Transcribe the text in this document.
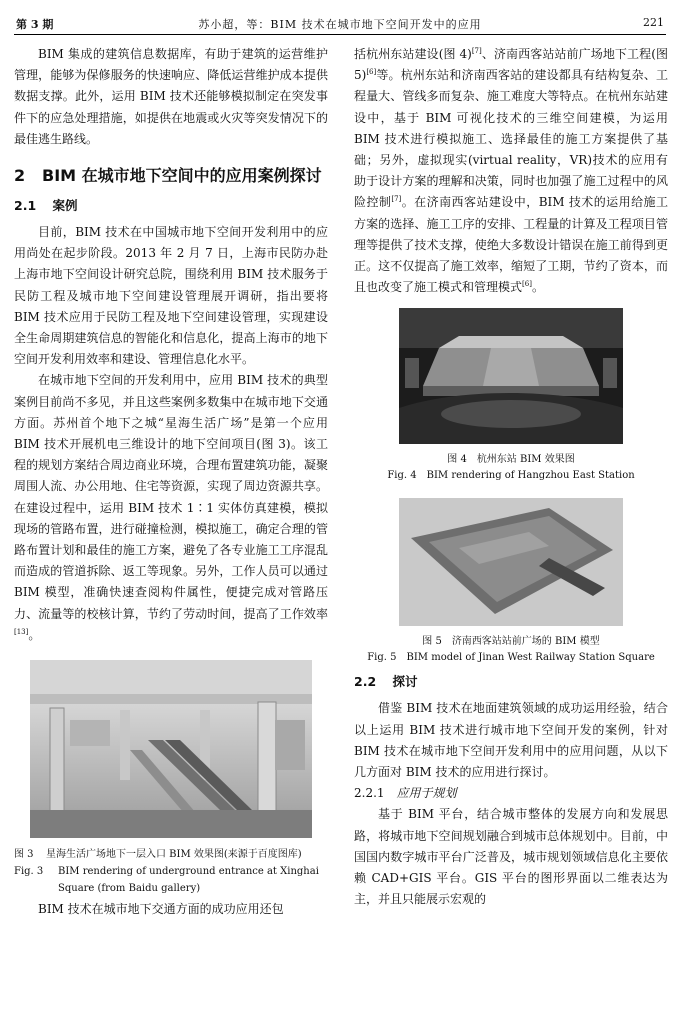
第 3 期	苏小超，等：BIM 技术在城市地下空间开发中的应用	221

BIM 集成的建筑信息数据库，有助于建筑的运营维护管理，能够为保修服务的快速响应、降低运营维护成本提供数据支撑。此外，运用 BIM 技术还能够模拟制定在突发事件下的应急处理措施，如提供在地震或火灾等突发情况下的最佳逃生路线。

2	BIM 在城市地下空间中的应用案例探讨
2.1 案例

目前，BIM 技术在中国城市地下空间开发利用中的应用尚处在起步阶段。2013 年 2 月 7 日，上海市民防办赴上海市地下空间设计研究总院，围绕利用 BIM 技术服务于民防工程及城市地下空间建设管理展开调研，指出要将 BIM 技术应用于民防工程及地下空间建设管理，实现建设全生命周期建筑信息的智能化和信息化，提高上海市的地下空间开发利用效率和建设、管理信息化水平。

在城市地下空间的开发利用中，应用 BIM 技术的典型案例目前尚不多见，并且这些案例多数集中在城市地下交通方面。苏州首个地下之城“星海生活广场”是第一个应用 BIM 技术开展机电三维设计的地下空间项目(图 3)。该工程的规划方案结合周边商业环境，合理布置建筑功能，凝聚周围人流、办公用地、住宅等资源，实现了周边资源共享。在建设过程中，运用 BIM 技术 1∶1 实体仿真建模，模拟现场的管路布置，进行碰撞检测，模拟施工，确定合理的管路布置计划和最佳的施工方案，避免了各专业施工工序混乱而造成的管道拆除、返工等现象。另外，工作人员可以通过 BIM 模型，准确快速查阅构件属性，便捷完成对管路压力、流量等的校核计算，节约了劳动时间，提高了工作效率[13]。

图 3	星海生活广场地下一层入口 BIM 效果图(来源于百度图库)
Fig. 3	BIM rendering of underground entrance at Xinghai Square (from Baidu gallery)

BIM 技术在城市地下交通方面的成功应用还包

括杭州东站建设(图 4)[7]、济南西客站站前广场地下工程(图 5)[6]等。杭州东站和济南西客站的建设都具有结构复杂、工程量大、管线多而复杂、施工难度大等特点。在杭州东站建设中，基于 BIM 可视化技术的三维空间建模，为运用 BIM 技术进行模拟施工、选择最佳的施工方案提供了基础；另外，虚拟现实(virtual reality，VR)技术的应用有助于设计方案的理解和决策，同时也加强了施工过程中的风险控制[7]。在济南西客站建设中，BIM 技术的运用给施工方案的选择、施工工序的安排、工程量的计算及工程项目管理等提供了技术支撑，使绝大多数设计错误在施工前得到更正。这不仅提高了施工效率，缩短了工期，节约了资本，而且也改变了施工模式和管理模式[6]。

图 4 杭州东站 BIM 效果图
Fig. 4 BIM rendering of Hangzhou East Station
图 5 济南西客站站前广场的 BIM 模型
Fig. 5 BIM model of Jinan West Railway Station Square
2.2 探讨

借鉴 BIM 技术在地面建筑领域的成功运用经验，结合以上运用 BIM 技术进行城市地下空间开发的案例，针对 BIM 技术在城市地下空间开发利用中的应用问题，从以下几方面对 BIM 技术的应用进行探讨。

2.2.1 应用于规划

基于 BIM 平台，结合城市整体的发展方向和发展思路，将城市地下空间规划融合到城市总体规划中。目前，中国国内数字城市平台广泛普及，城市规划领域信息化主要依赖 CAD+GIS 平台。GIS 平台的图形界面以二维表达为主，并且只能展示宏观的
